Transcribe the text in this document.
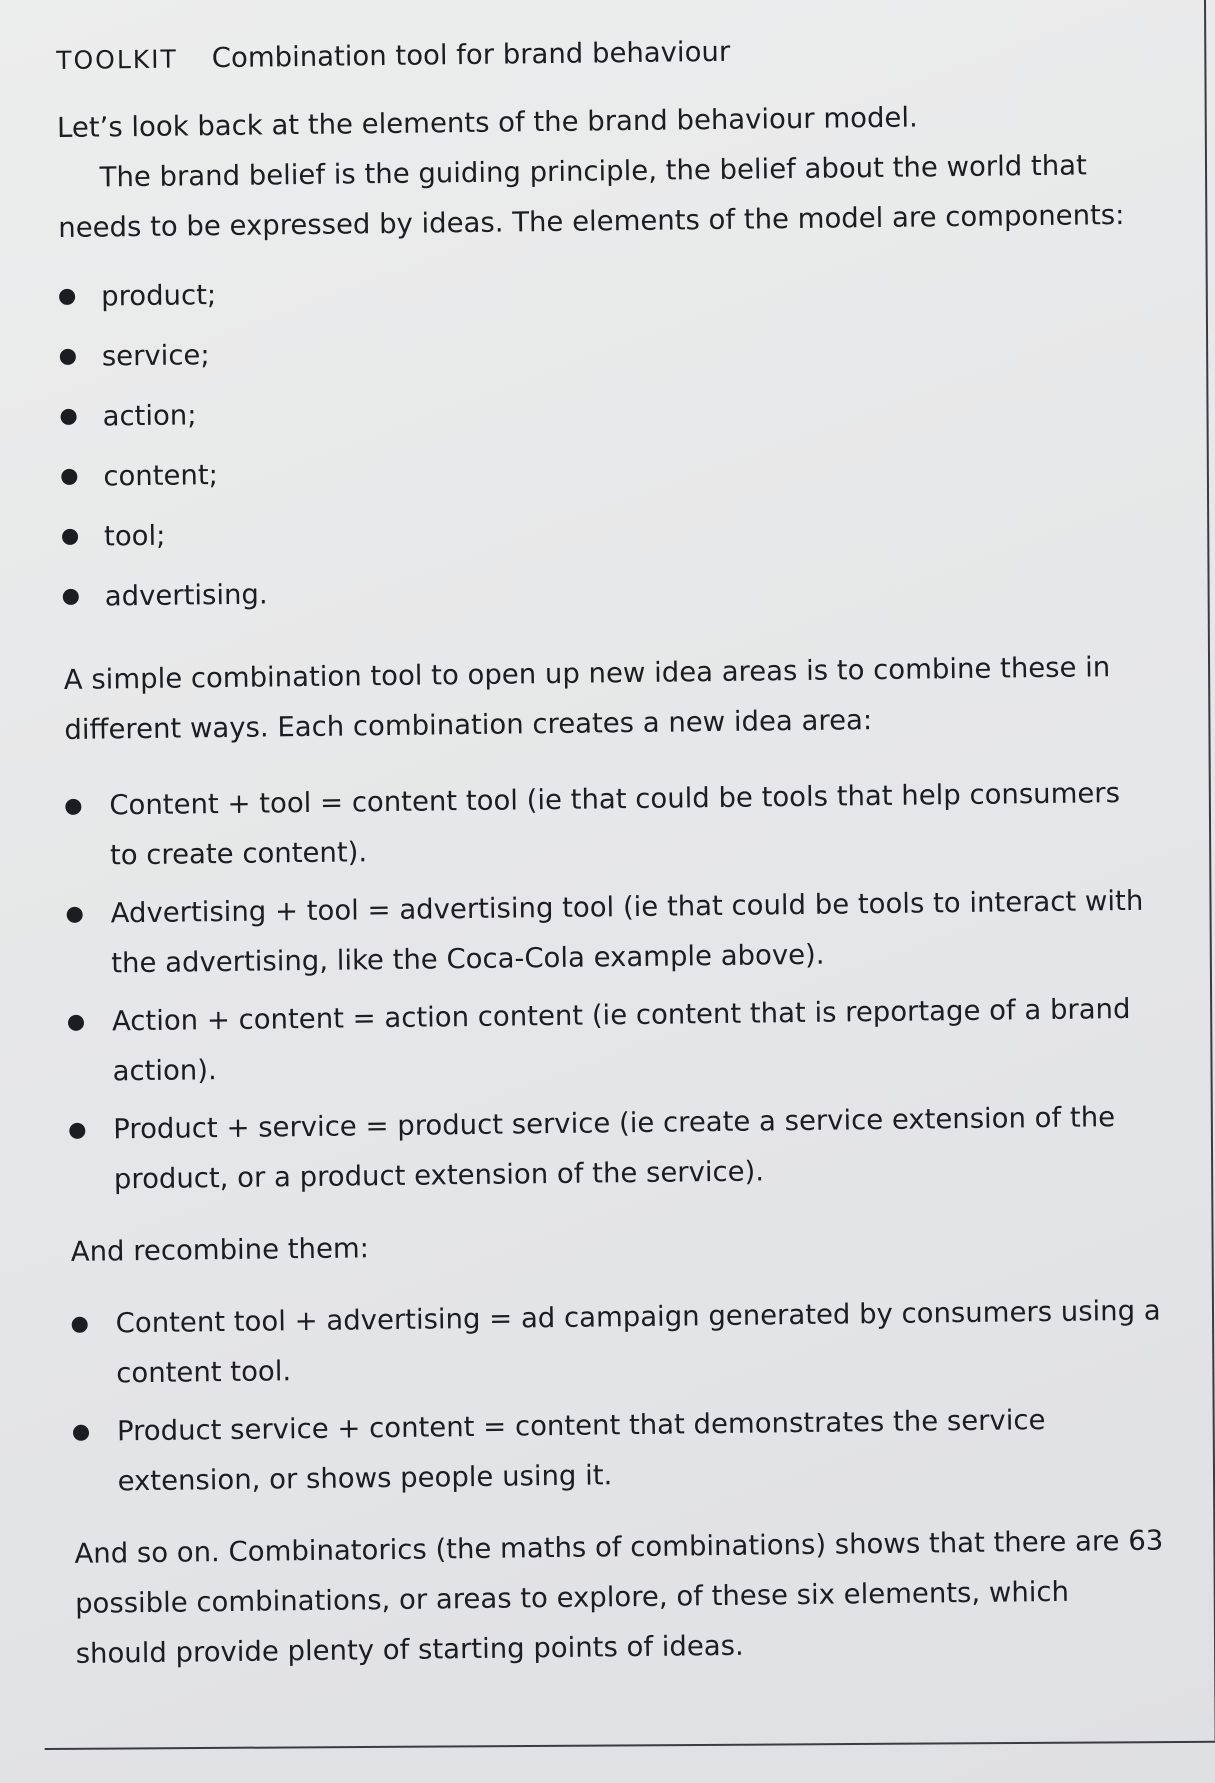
TOOLKIT Combination tool for brand behaviour

Let’s look back at the elements of the brand behaviour model.

The brand belief is the guiding principle, the belief about the world that needs to be expressed by ideas. The elements of the model are components:

product;
service;
action;
content;
tool;
advertising.

A simple combination tool to open up new idea areas is to combine these in different ways. Each combination creates a new idea area:

Content + tool = content tool (ie that could be tools that help consumers to create content).
Advertising + tool = advertising tool (ie that could be tools to interact with the advertising, like the Coca-Cola example above).
Action + content = action content (ie content that is reportage of a brand action).
Product + service = product service (ie create a service extension of the product, or a product extension of the service).

And recombine them:

Content tool + advertising = ad campaign generated by consumers using a content tool.
Product service + content = content that demonstrates the service extension, or shows people using it.

And so on. Combinatorics (the maths of combinations) shows that there are 63 possible combinations, or areas to explore, of these six elements, which should provide plenty of starting points of ideas.
